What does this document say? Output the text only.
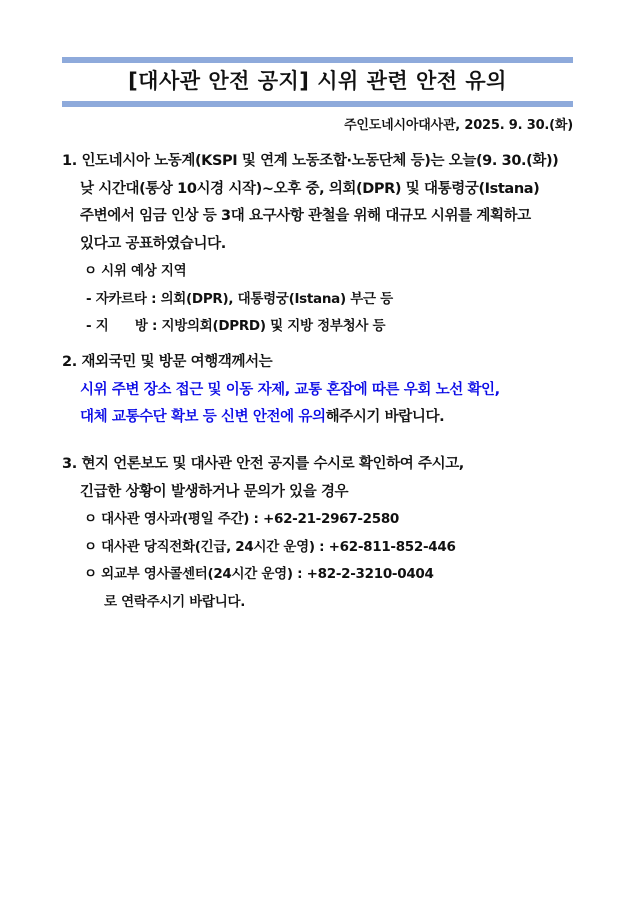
[대사관 안전 공지] 시위 관련 안전 유의
주인도네시아대사관, 2025. 9. 30.(화)
1. 인도네시아 노동계(KSPI 및 연계 노동조합·노동단체 등)는 오늘(9. 30.(화))
낮 시간대(통상 10시경 시작)~오후 중, 의회(DPR) 및 대통령궁(Istana)
주변에서 임금 인상 등 3대 요구사항 관철을 위해 대규모 시위를 계획하고
있다고 공표하였습니다.
ㅇ 시위 예상 지역
- 자카르타 : 의회(DPR), 대통령궁(Istana) 부근 등
- 지　　방 : 지방의회(DPRD) 및 지방 정부청사 등
2. 재외국민 및 방문 여행객께서는
시위 주변 장소 접근 및 이동 자제, 교통 혼잡에 따른 우회 노선 확인,
대체 교통수단 확보 등 신변 안전에 유의해주시기 바랍니다.
3. 현지 언론보도 및 대사관 안전 공지를 수시로 확인하여 주시고,
긴급한 상황이 발생하거나 문의가 있을 경우
ㅇ 대사관 영사과(평일 주간) : +62-21-2967-2580
ㅇ 대사관 당직전화(긴급, 24시간 운영) : +62-811-852-446
ㅇ 외교부 영사콜센터(24시간 운영) : +82-2-3210-0404
로 연락주시기 바랍니다.
